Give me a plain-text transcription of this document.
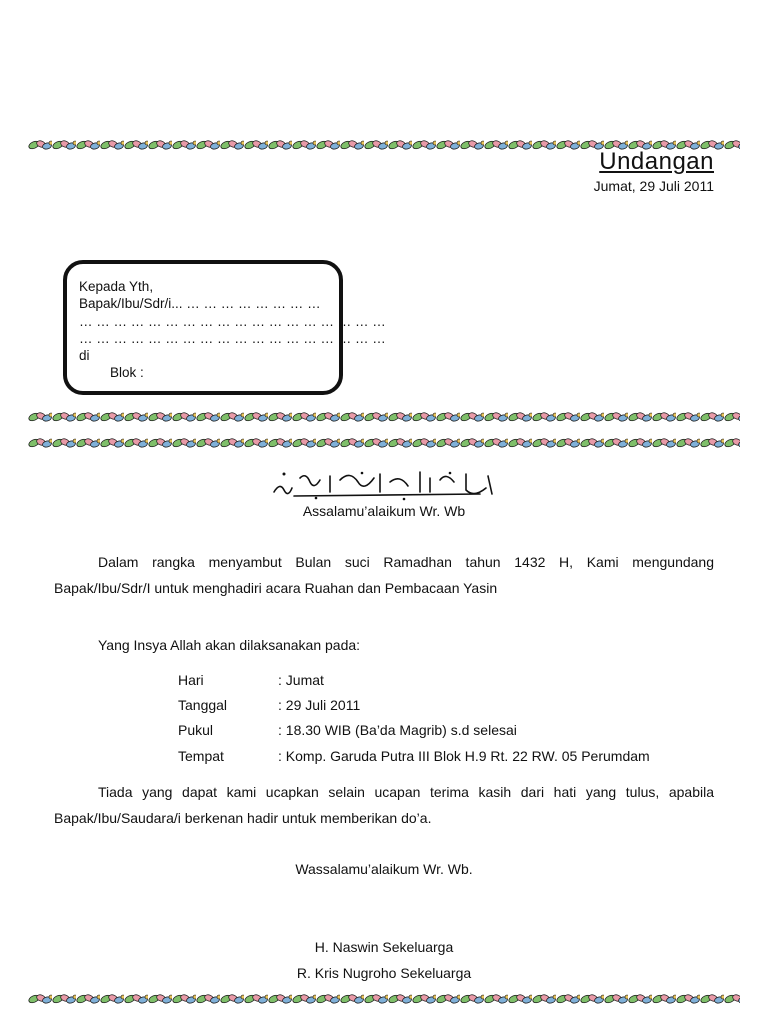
Undangan
Jumat, 29 Juli 2011
Kepada Yth,
Bapak/Ibu/Sdr/i... … … … … … … … …
… … … … … … … … … … … … … … … … … …
… … … … … … … … … … … … … … … … … …
di
Blok :
Assalamu’alaikum Wr. Wb

Dalam rangka menyambut Bulan suci Ramadhan tahun 1432 H, Kami mengundang Bapak/Ibu/Sdr/I untuk menghadiri acara Ruahan dan Pembacaan Yasin

Yang Insya Allah akan dilaksanakan pada:
Hari	: Jumat
Tanggal	: 29 Juli 2011
Pukul	: 18.30 WIB (Ba’da Magrib) s.d selesai
Tempat	: Komp. Garuda Putra III Blok H.9 Rt. 22 RW. 05 Perumdam

Tiada yang dapat kami ucapkan selain ucapan terima kasih dari hati yang tulus, apabila Bapak/Ibu/Saudara/i berkenan hadir untuk memberikan do’a.

Wassalamu’alaikum Wr. Wb.
H. Naswin Sekeluarga
R. Kris Nugroho Sekeluarga
